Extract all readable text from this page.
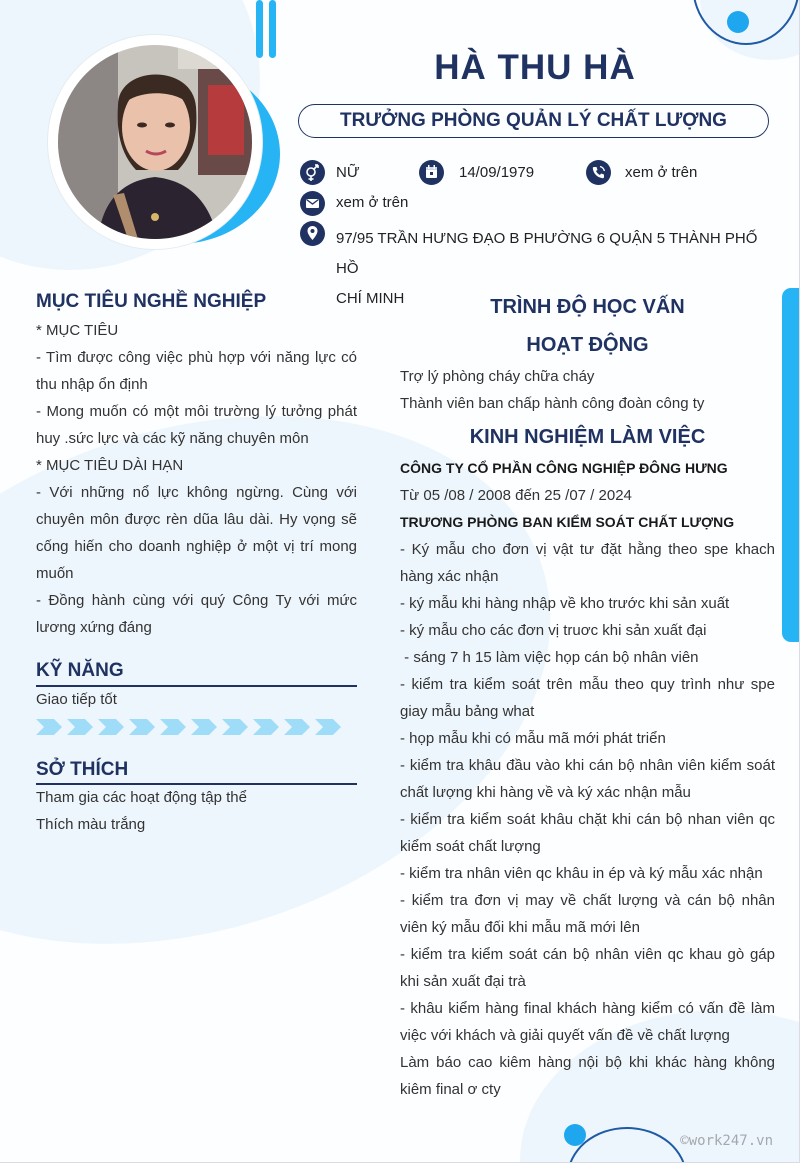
HÀ THU HÀ
TRƯỞNG PHÒNG QUẢN LÝ CHẤT LƯỢNG
NỮ	14/09/1979	xem ở trên
xem ở trên
97/95 TRẦN HƯNG ĐẠO B PHƯỜNG 6 QUẬN 5 THÀNH PHỐ HỒ
CHÍ MINH
MỤC TIÊU NGHỀ NGHIỆP
* MỤC TIÊU
- Tìm được công việc phù hợp với năng lực có thu nhập ổn định
- Mong muốn có một môi trường lý tưởng phát huy .sức lực và các kỹ năng chuyên môn
* MỤC TIÊU DÀI HẠN
- Với những nổ lực không ngừng. Cùng với chuyên môn được rèn dũa lâu dài. Hy vọng sẽ cống hiến cho doanh nghiệp ở một vị trí mong muốn
- Đồng hành cùng với quý Công Ty với mức lương xứng đáng
KỸ NĂNG
Giao tiếp tốt
SỞ THÍCH
Tham gia các hoạt động tập thể
Thích màu trắng
TRÌNH ĐỘ HỌC VẤN
HOẠT ĐỘNG
Trợ lý phòng cháy chữa cháy
Thành viên ban chấp hành công đoàn công ty
KINH NGHIỆM LÀM VIỆC
CÔNG TY CỔ PHẦN CÔNG NGHIỆP ĐÔNG HƯNG
Từ 05 /08 / 2008 đến 25 /07 / 2024
TRƯƠNG PHÒNG BAN KIỂM SOÁT CHẤT LƯỢNG
- Ký mẫu cho đơn vị vật tư đặt hằng theo spe khach hàng xác nhận
- ký mẫu khi hàng nhập về kho trước khi sản xuất
- ký mẫu cho các đơn vị truơc khi sản xuất đại
- sáng 7 h 15 làm việc họp cán bộ nhân viên
- kiểm tra kiểm soát trên mẫu theo quy trình như spe giay mẫu bảng what
- họp mẫu khi có mẫu mã mới phát triển
- kiểm tra khâu đầu vào khi cán bộ nhân viên kiểm soát chất lượng khi hàng về và ký xác nhận mẫu
- kiểm tra kiểm soát khâu chặt khi cán bộ nhan viên qc kiểm soát chất lượng
- kiểm tra nhân viên qc khâu in ép và ký mẫu xác nhận
- kiểm tra đơn vị may về chất lượng và cán bộ nhân viên ký mẫu đối khi mẫu mã mới lên
- kiểm tra kiểm soát cán bộ nhân viên qc khau gò gáp khi sản xuất đại trà
- khâu kiểm hàng final khách hàng kiểm có vấn đề làm việc với khách và giải quyết vấn đề về chất lượng
Làm báo cao kiêm hàng nội bộ khi khác hàng không kiêm final ơ cty
©work247.vn
